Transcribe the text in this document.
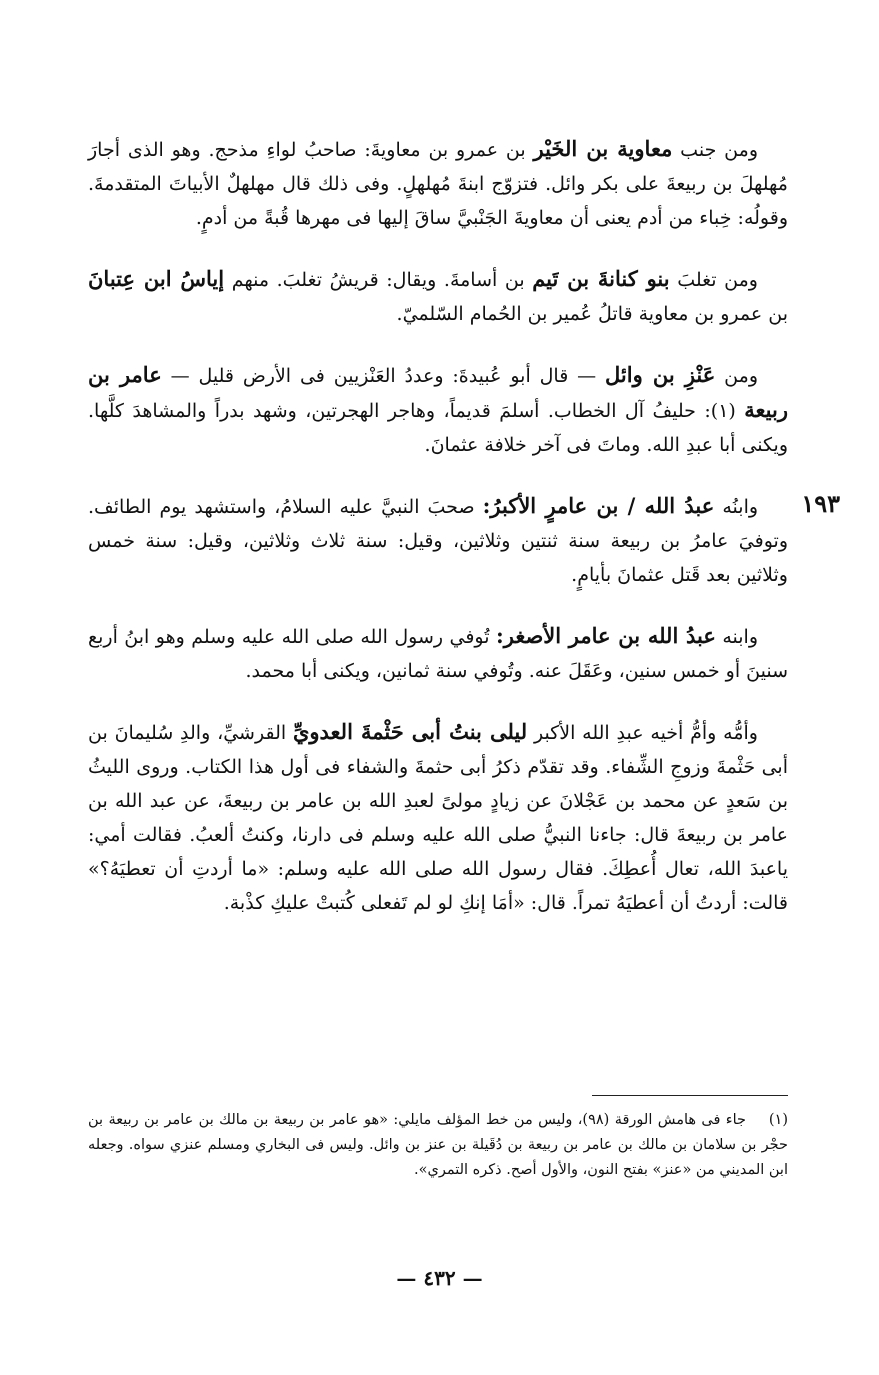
ومن جنب معاوية بن الخَيْر بن عمرو بن معاويةَ: صاحبُ لواءِ مذحج. وهو الذى أجارَ مُهلهلَ بن ربيعةَ على بكر وائل. فتزوّج ابنةَ مُهلهلٍ. وفى ذلك قال مهلهلٌ الأبياتَ المتقدمةَ. وقولُه: خِباء من أدم يعنى أن معاويةَ الجَنْبيَّ ساقَ إليها فى مهرها قُبةً من أدمٍ.

ومن تغلبَ بنو كنانةَ بن تَيم بن أسامةَ. ويقال: قريشُ تغلبَ. منهم إياسُ ابن عِتبانَ بن عمرو بن معاوية قاتلُ عُمير بن الحُمام السّلميّ.

ومن عَنْزِ بن وائل — قال أبو عُبيدةَ: وعددُ العَنْزيين فى الأرض قليل — عامر بن ربيعة (١): حليفُ آل الخطاب. أسلمَ قديماً، وهاجر الهجرتين، وشهد بدراً والمشاهدَ كلَّها. ويكنى أبا عبدِ الله. وماتَ فى آخر خلافة عثمانَ.

وابنُه عبدُ الله / بن عامرٍ الأكبرُ: صحبَ النبيَّ عليه السلامُ، واستشهد يوم الطائف. وتوفيَ عامرُ بن ربيعة سنة ثنتين وثلاثين، وقيل: سنة ثلاث وثلاثين، وقيل: سنة خمس وثلاثين بعد قَتل عثمانَ بأيامٍ.

وابنه عبدُ الله بن عامر الأصغر: تُوفي رسول الله صلى الله عليه وسلم وهو ابنُ أربع سنينَ أو خمس سنين، وعَقَلَ عنه. وتُوفي سنة ثمانين، ويكنى أبا محمد.

وأمُّه وأمُّ أخيه عبدِ الله الأكبر ليلى بنتُ أبى حَثْمةَ العدويِّ القرشيِّ، والدِ سُليمانَ بن أبى حَثْمةَ وزوجِ الشِّفاء. وقد تقدّم ذكرُ أبى حثمةَ والشفاء فى أول هذا الكتاب. وروى الليثُ بن سَعدٍ عن محمد بن عَجْلانَ عن زيادٍ مولىً لعبدِ الله بن عامر بن ربيعةَ، عن عبد الله بن عامر بن ربيعةَ قال: جاءنا النبيُّ صلى الله عليه وسلم فى دارنا، وكنتُ ألعبُ. فقالت أمي: ياعبدَ الله، تعال أُعطِكَ. فقال رسول الله صلى الله عليه وسلم: «ما أردتِ أن تعطيَهُ؟» قالت: أردتُ أن أعطيَهُ تمراً. قال: «أمَا إنكِ لو لم تَفعلى كُتبتْ عليكِ كذْبة.

(١)جاء فى هامش الورقة (٩٨)، وليس من خط المؤلف مايلي: «هو عامر بن ربيعة بن مالك بن عامر بن ربيعة بن حجْر بن سلامان بن مالك بن عامر بن ربيعة بن دُقَيلة بن عنز بن وائل. وليس فى البخاري ومسلم عنزي سواه. وجعله ابن المديني من «عنز» بفتح النون، والأول أصح. ذكره التمري».
— ٤٣٢ —
١٩٣
